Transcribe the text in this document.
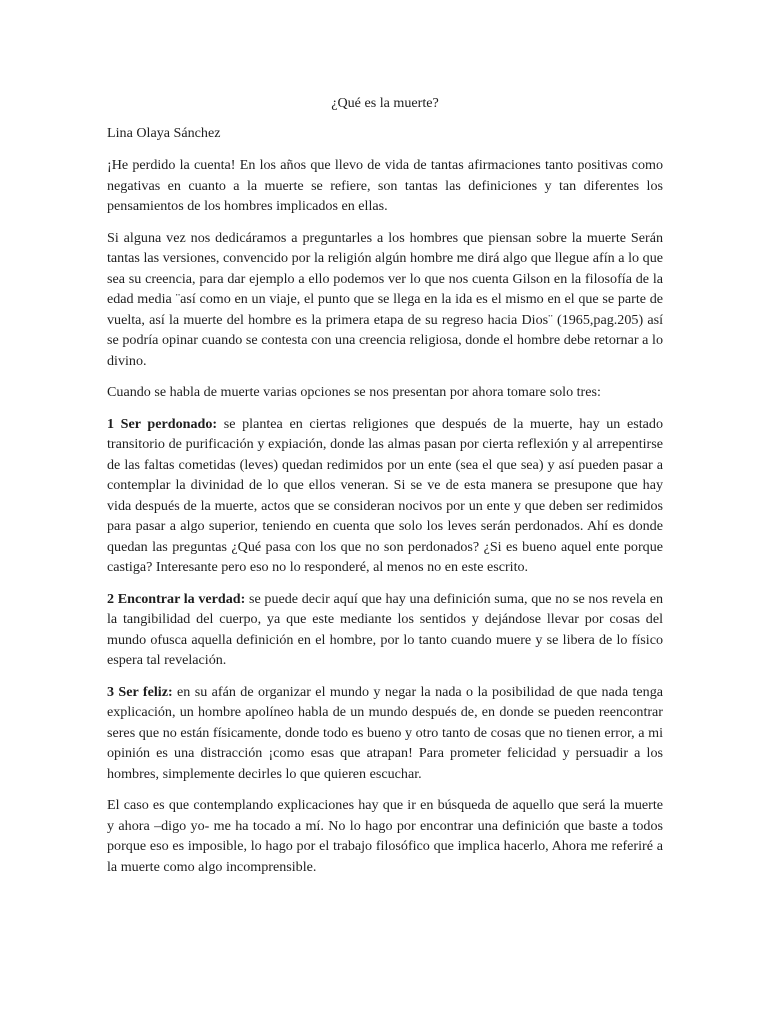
¿Qué es la muerte?

Lina Olaya Sánchez

¡He perdido la cuenta! En los años que llevo de vida de tantas afirmaciones tanto positivas como negativas en cuanto a la muerte se refiere, son tantas las definiciones y tan diferentes los pensamientos de los hombres implicados en ellas.

Si alguna vez nos dedicáramos a preguntarles a los hombres que piensan sobre la muerte Serán tantas las versiones, convencido por la religión algún hombre me dirá algo que llegue afín a lo que sea su creencia, para dar ejemplo a ello podemos ver lo que nos cuenta Gilson en la filosofía de la edad media ¨así como en un viaje, el punto que se llega en la ida es el mismo en el que se parte de vuelta, así la muerte del hombre es la primera etapa de su regreso hacia Dios¨ (1965,pag.205) así se podría opinar cuando se contesta con una creencia religiosa, donde el hombre debe retornar a lo divino.

Cuando se habla de muerte varias opciones se nos presentan por ahora tomare solo tres:

1 Ser perdonado: se plantea en ciertas religiones que después de la muerte, hay un estado transitorio de purificación y expiación, donde las almas pasan por cierta reflexión y al arrepentirse de las faltas cometidas (leves) quedan redimidos por un ente (sea el que sea) y así pueden pasar a contemplar la divinidad de lo que ellos veneran. Si se ve de esta manera se presupone que hay vida después de la muerte, actos que se consideran nocivos por un ente y que deben ser redimidos para pasar a algo superior, teniendo en cuenta que solo los leves serán perdonados. Ahí es donde quedan las preguntas ¿Qué pasa con los que no son perdonados? ¿Si es bueno aquel ente porque castiga? Interesante pero eso no lo responderé, al menos no en este escrito.

2 Encontrar la verdad: se puede decir aquí que hay una definición suma, que no se nos revela en la tangibilidad del cuerpo, ya que este mediante los sentidos y dejándose llevar por cosas del mundo ofusca aquella definición en el hombre, por lo tanto cuando muere y se libera de lo físico espera tal revelación.

3 Ser feliz: en su afán de organizar el mundo y negar la nada o la posibilidad de que nada tenga explicación, un hombre apolíneo habla de un mundo después de, en donde se pueden reencontrar seres que no están físicamente, donde todo es bueno y otro tanto de cosas que no tienen error, a mi opinión es una distracción ¡como esas que atrapan! Para prometer felicidad y persuadir a los hombres, simplemente decirles lo que quieren escuchar.

El caso es que contemplando explicaciones hay que ir en búsqueda de aquello que será la muerte y ahora –digo yo- me ha tocado a mí. No lo hago por encontrar una definición que baste a todos porque eso es imposible, lo hago por el trabajo filosófico que implica hacerlo, Ahora me referiré a la muerte como algo incomprensible.
